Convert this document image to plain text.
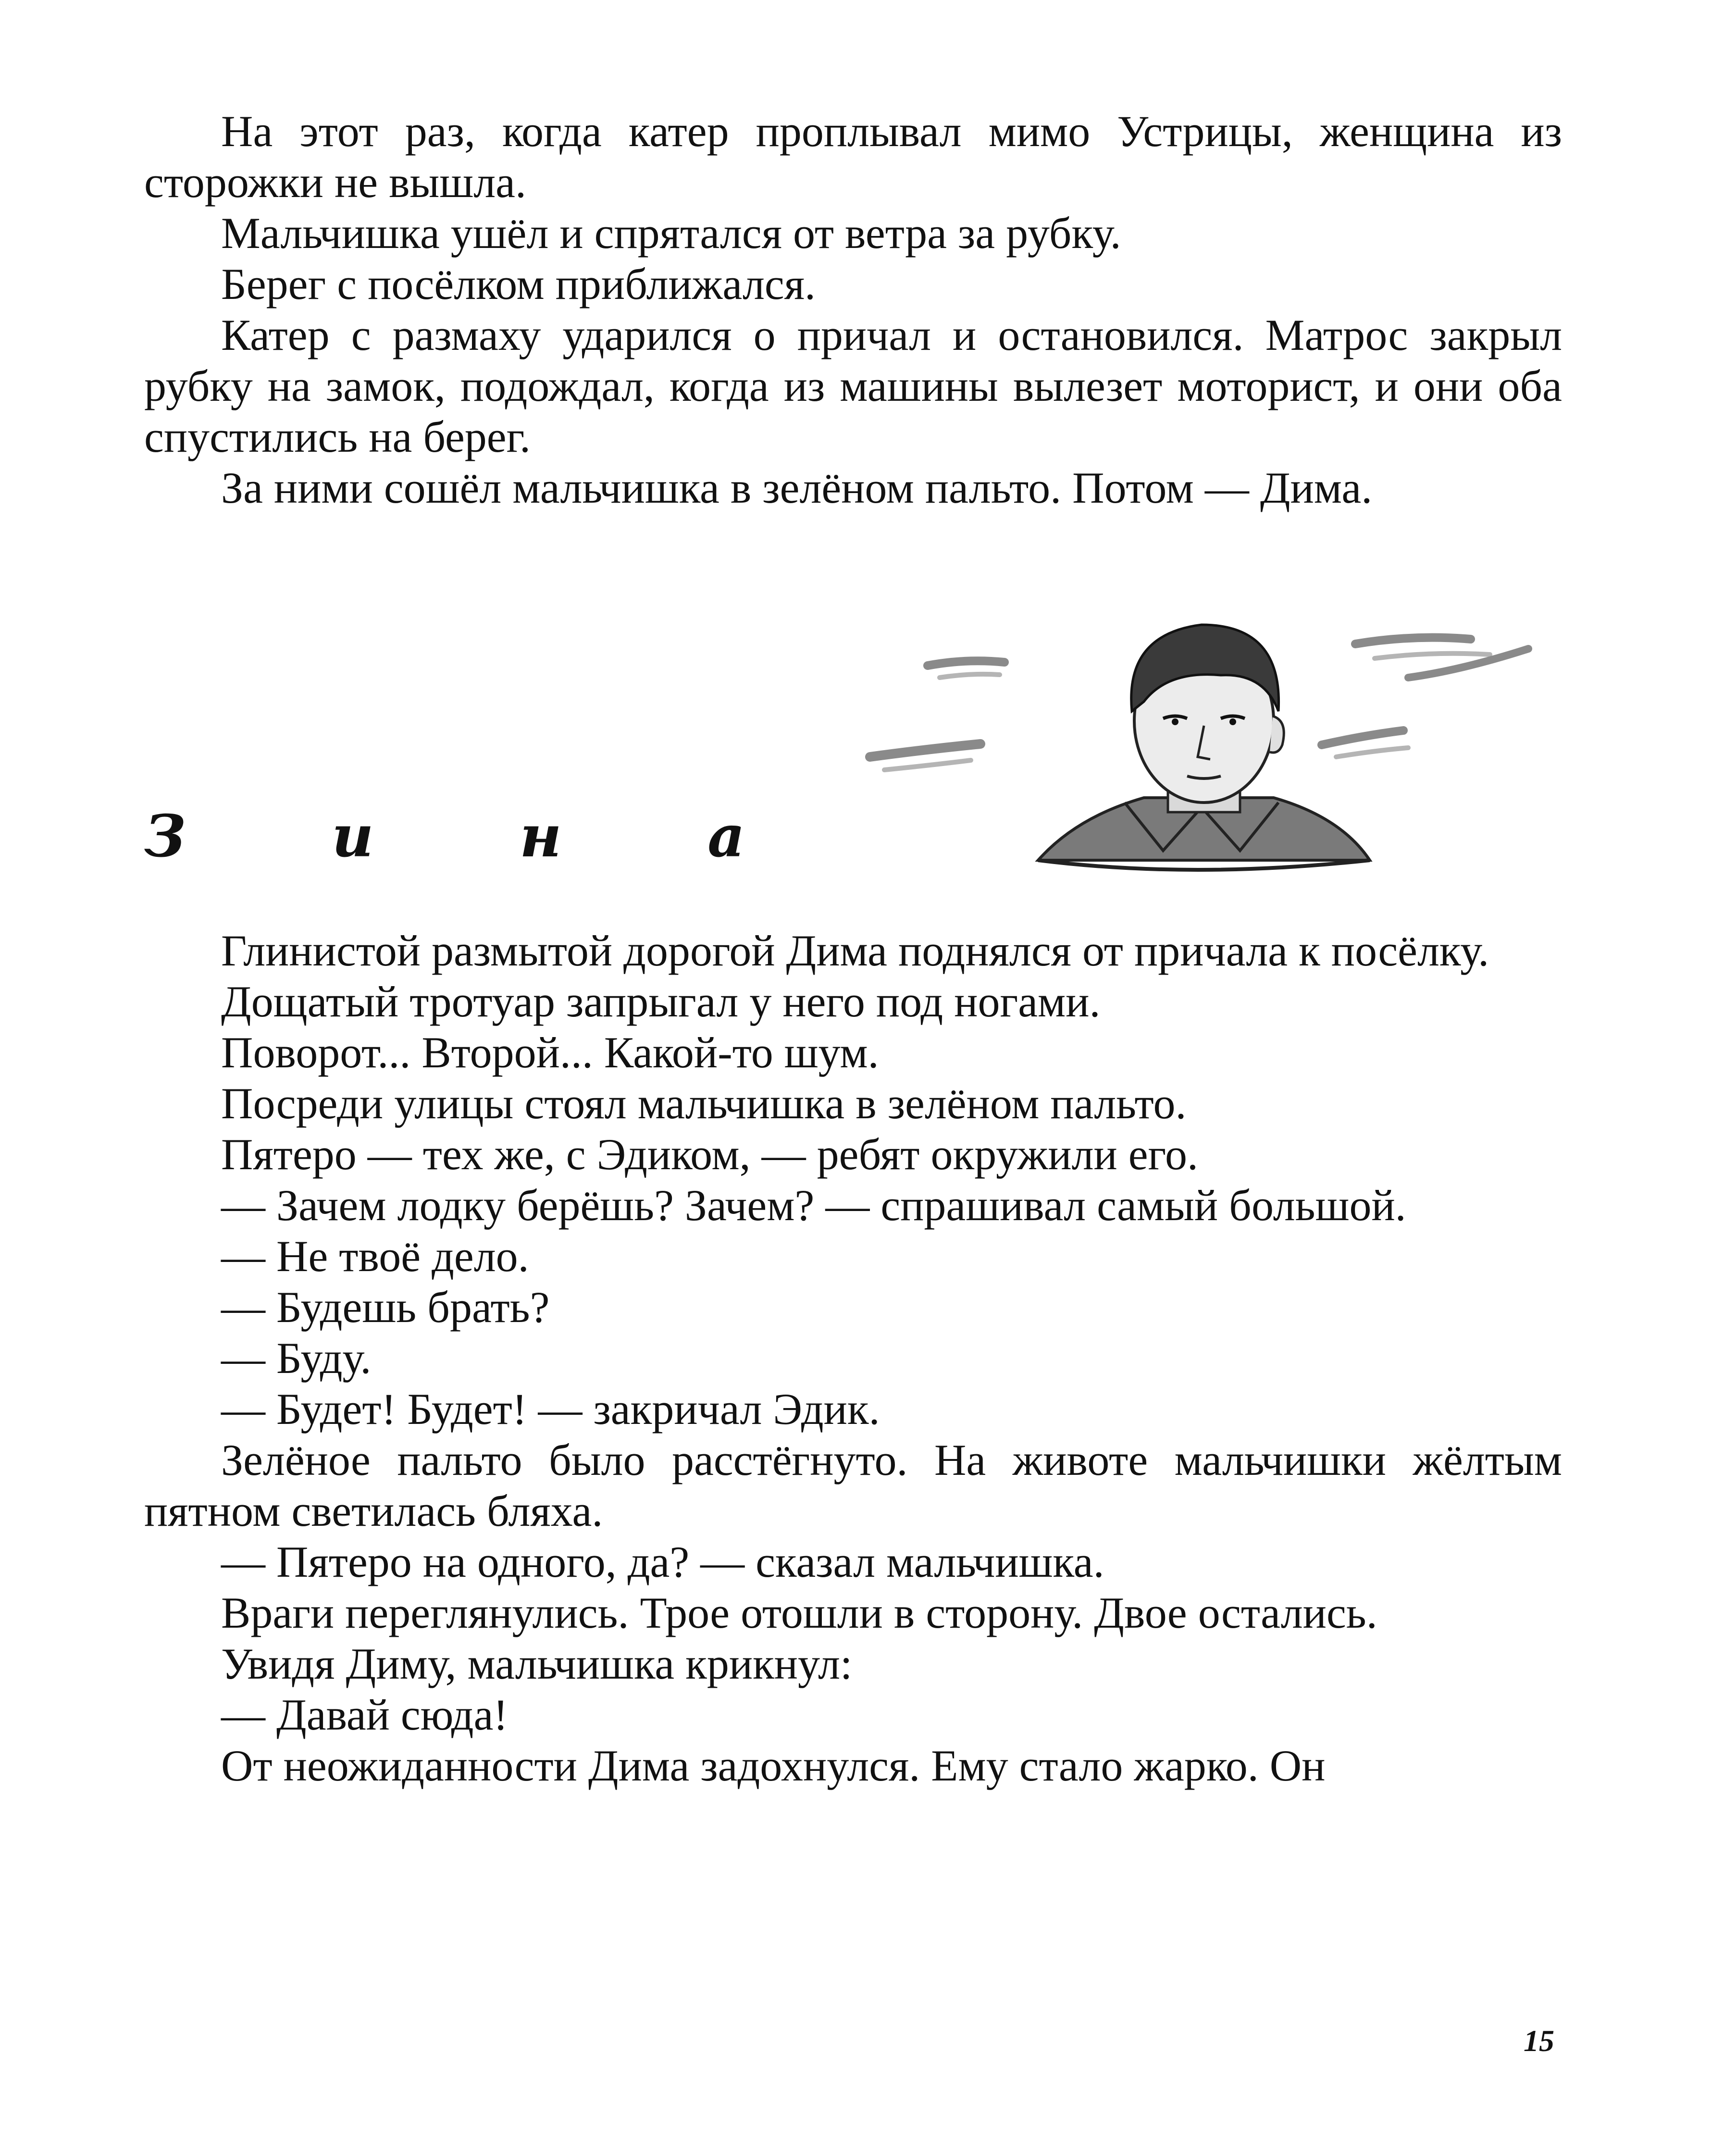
На этот раз, когда катер проплывал мимо Устрицы, женщина из сторожки не вышла.

Мальчишка ушёл и спрятался от ветра за рубку.

Берег с посёлком приближался.

Катер с размаху ударился о причал и остановился. Матрос закрыл рубку на замок, подождал, когда из машины вылезет моторист, и они оба спустились на берег.

За ними сошёл мальчишка в зелёном пальто. Потом — Дима.

З	и	н	а

Глинистой размытой дорогой Дима поднялся от причала к посёлку.

Дощатый тротуар запрыгал у него под ногами.

Поворот... Второй... Какой-то шум.

Посреди улицы стоял мальчишка в зелёном пальто.

Пятеро — тех же, с Эдиком, — ребят окружили его.

— Зачем лодку берёшь? Зачем? — спрашивал самый большой.

— Не твоё дело.

— Будешь брать?

— Буду.

— Будет! Будет! — закричал Эдик.

Зелёное пальто было расстёгнуто. На животе мальчишки жёлтым пятном светилась бляха.

— Пятеро на одного, да? — сказал мальчишка.

Враги переглянулись. Трое отошли в сторону. Двое остались.

Увидя Диму, мальчишка крикнул:

— Давай сюда!

От неожиданности Дима задохнулся. Ему стало жарко. Он

15
